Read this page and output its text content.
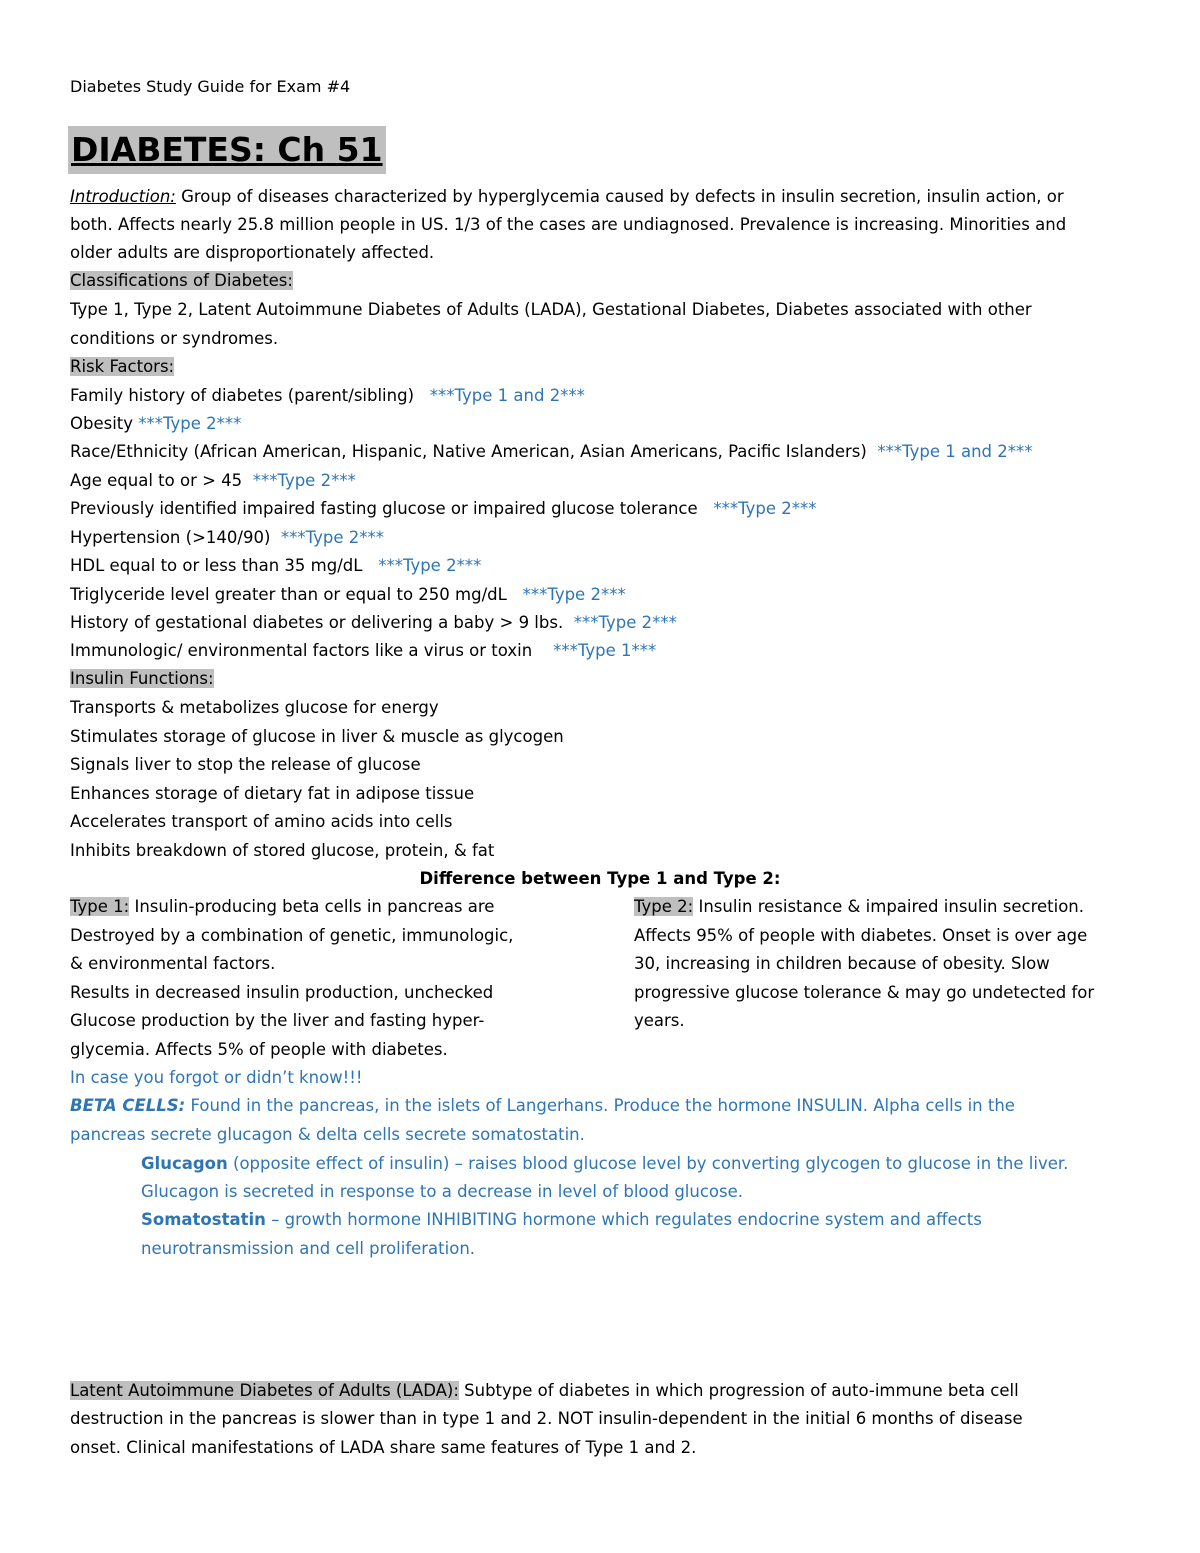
Diabetes Study Guide for Exam #4
DIABETES: Ch 51
Introduction: Group of diseases characterized by hyperglycemia caused by defects in insulin secretion, insulin action, or
both. Affects nearly 25.8 million people in US. 1/3 of the cases are undiagnosed. Prevalence is increasing. Minorities and
older adults are disproportionately affected.
Classifications of Diabetes:
Type 1, Type 2, Latent Autoimmune Diabetes of Adults (LADA), Gestational Diabetes, Diabetes associated with other
conditions or syndromes.
Risk Factors:
Family history of diabetes (parent/sibling) ***Type 1 and 2***
Obesity ***Type 2***
Race/Ethnicity (African American, Hispanic, Native American, Asian Americans, Pacific Islanders) ***Type 1 and 2***
Age equal to or > 45 ***Type 2***
Previously identified impaired fasting glucose or impaired glucose tolerance ***Type 2***
Hypertension (>140/90) ***Type 2***
HDL equal to or less than 35 mg/dL ***Type 2***
Triglyceride level greater than or equal to 250 mg/dL ***Type 2***
History of gestational diabetes or delivering a baby > 9 lbs. ***Type 2***
Immunologic/ environmental factors like a virus or toxin ***Type 1***
Insulin Functions:
Transports & metabolizes glucose for energy
Stimulates storage of glucose in liver & muscle as glycogen
Signals liver to stop the release of glucose
Enhances storage of dietary fat in adipose tissue
Accelerates transport of amino acids into cells
Inhibits breakdown of stored glucose, protein, & fat
Difference between Type 1 and Type 2:
Type 1: Insulin-producing beta cells in pancreas are
Destroyed by a combination of genetic, immunologic,
& environmental factors.
Results in decreased insulin production, unchecked
Glucose production by the liver and fasting hyper-
glycemia. Affects 5% of people with diabetes.
Type 2: Insulin resistance & impaired insulin secretion.
Affects 95% of people with diabetes. Onset is over age
30, increasing in children because of obesity. Slow
progressive glucose tolerance & may go undetected for
years.
In case you forgot or didn’t know!!!
BETA CELLS: Found in the pancreas, in the islets of Langerhans. Produce the hormone INSULIN. Alpha cells in the
pancreas secrete glucagon & delta cells secrete somatostatin.
Glucagon (opposite effect of insulin) – raises blood glucose level by converting glycogen to glucose in the liver.
Glucagon is secreted in response to a decrease in level of blood glucose.
Somatostatin – growth hormone INHIBITING hormone which regulates endocrine system and affects
neurotransmission and cell proliferation.
Latent Autoimmune Diabetes of Adults (LADA): Subtype of diabetes in which progression of auto-immune beta cell
destruction in the pancreas is slower than in type 1 and 2. NOT insulin-dependent in the initial 6 months of disease
onset. Clinical manifestations of LADA share same features of Type 1 and 2.
